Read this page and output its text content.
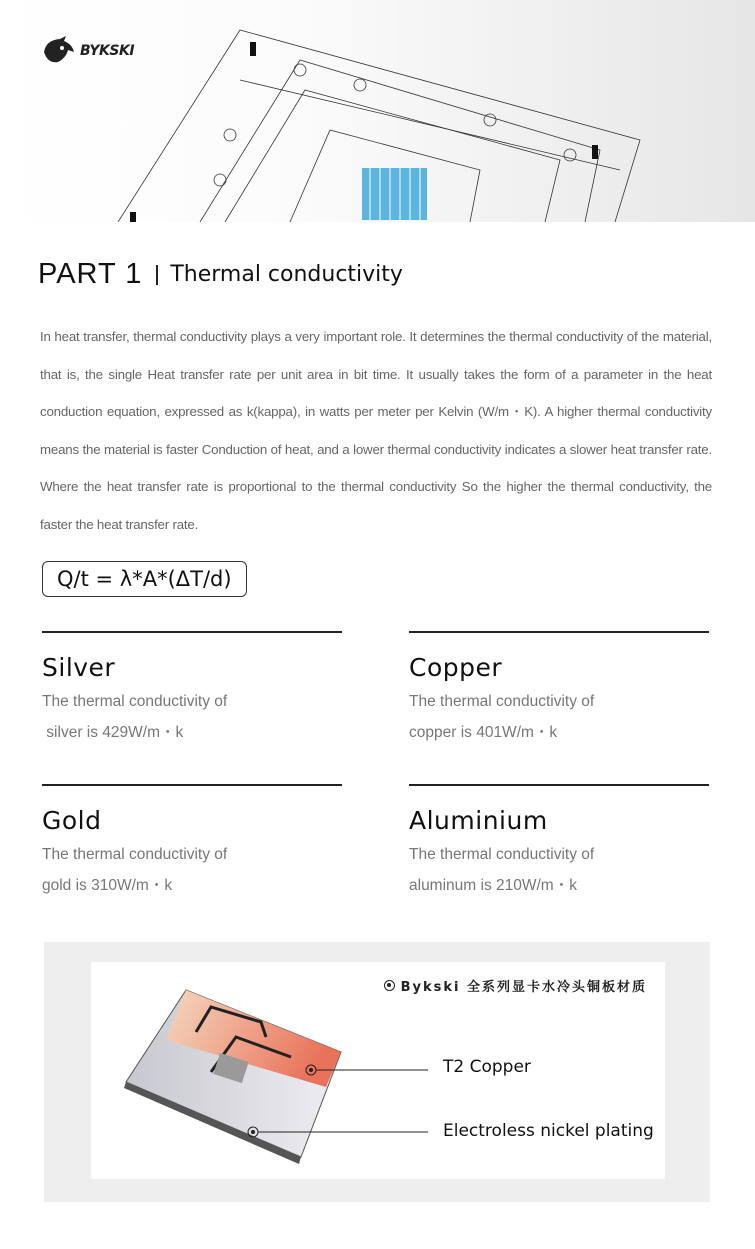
BYKSKI
PART 1 Thermal conductivity

In heat transfer, thermal conductivity plays a very important role. It determines the thermal conductivity of the material, that is, the single Heat transfer rate per unit area in bit time. It usually takes the form of a parameter in the heat conduction equation, expressed as k(kappa), in watts per meter per Kelvin (W/m・K). A higher thermal conductivity means the material is faster Conduction of heat, and a lower thermal conductivity indicates a slower heat transfer rate. Where the heat transfer rate is proportional to the thermal conductivity So the higher the thermal conductivity, the faster the heat transfer rate.

Q/t = λ*A*(ΔT/d)
Silver

The thermal conductivity of
silver is 429W/m・k

Copper

The thermal conductivity of
copper is 401W/m・k

Gold

The thermal conductivity of
gold is 310W/m・k

Aluminium

The thermal conductivity of
aluminum is 210W/m・k

Bykski 全系列显卡水冷头铜板材质
T2 Copper
Electroless nickel plating
